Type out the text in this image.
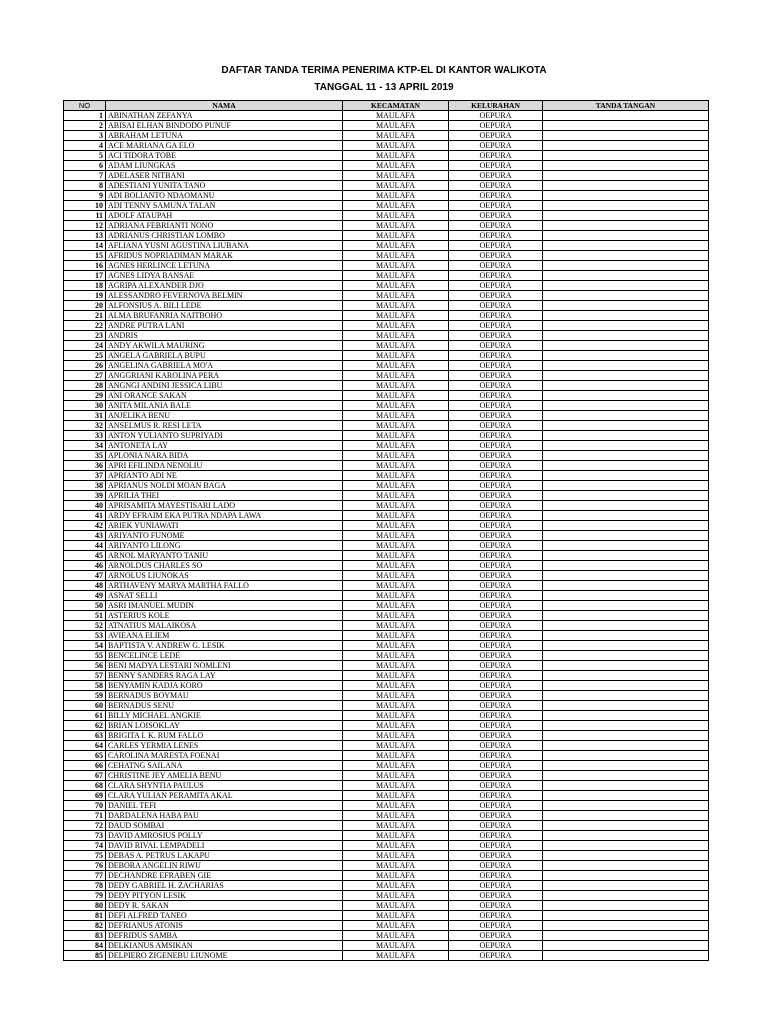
DAFTAR TANDA TERIMA PENERIMA KTP-EL DI KANTOR WALIKOTA
TANGGAL 11 - 13 APRIL 2019
NO	NAMA	KECAMATAN	KELURAHAN	TANDA TANGAN
1	ABINATHAN ZEFANYA	MAULAFA	OEPURA	
2	ABISAI ELHAN BINDODO PUNUF	MAULAFA	OEPURA	
3	ABRAHAM LETUNA	MAULAFA	OEPURA	
4	ACE MARIANA GA ELO	MAULAFA	OEPURA	
5	ACI TIDORA TOBE	MAULAFA	OEPURA	
6	ADAM LIUNGKAS	MAULAFA	OEPURA	
7	ADELASER NITBANI	MAULAFA	OEPURA	
8	ADESTIANI YUNITA TANO	MAULAFA	OEPURA	
9	ADI BOLIANTO NDAOMANU	MAULAFA	OEPURA	
10	ADI TENNY SAMUNA TALAN	MAULAFA	OEPURA	
11	ADOLF ATAUPAH	MAULAFA	OEPURA	
12	ADRIANA FEBRIANTI NONO	MAULAFA	OEPURA	
13	ADRIANUS CHRISTIAN LOMBO	MAULAFA	OEPURA	
14	AFLIANA YUSNI AGUSTINA LIUBANA	MAULAFA	OEPURA	
15	AFRIDUS NOPRIADIMAN MARAK	MAULAFA	OEPURA	
16	AGNES HERLINCE LETUNA	MAULAFA	OEPURA	
17	AGNES LIDYA BANSAE	MAULAFA	OEPURA	
18	AGRIPA ALEXANDER DJO	MAULAFA	OEPURA	
19	ALESSANDRO FEVERNOVA BELMIN	MAULAFA	OEPURA	
20	ALFONSIUS A. BILI LEDE	MAULAFA	OEPURA	
21	ALMA BRUFANRIA NAITBOHO	MAULAFA	OEPURA	
22	ANDRE PUTRA LANI	MAULAFA	OEPURA	
23	ANDRIS	MAULAFA	OEPURA	
24	ANDY AKWILA MAURING	MAULAFA	OEPURA	
25	ANGELA GABRIELA BUPU	MAULAFA	OEPURA	
26	ANGELINA GABRIELA MO'A	MAULAFA	OEPURA	
27	ANGGRIANI KAROLINA PERA	MAULAFA	OEPURA	
28	ANGNGI ANDINI JESSICA LIBU	MAULAFA	OEPURA	
29	ANI ORANCE SAKAN	MAULAFA	OEPURA	
30	ANITA MILANIA BALE	MAULAFA	OEPURA	
31	ANJELIKA BENU	MAULAFA	OEPURA	
32	ANSELMUS R. RESI LETA	MAULAFA	OEPURA	
33	ANTON YULIANTO SUPRIYADI	MAULAFA	OEPURA	
34	ANTONETA LAY	MAULAFA	OEPURA	
35	APLONIA NARA BIDA	MAULAFA	OEPURA	
36	APRI EFILINDA NENOLIU	MAULAFA	OEPURA	
37	APRIANTO ADI NE	MAULAFA	OEPURA	
38	APRIANUS NOLDI MOAN BAGA	MAULAFA	OEPURA	
39	APRILIA THEI	MAULAFA	OEPURA	
40	APRISAMITA MAYESTISARI LADO	MAULAFA	OEPURA	
41	ARDY EFRAIM EKA PUTRA NDAPA LAWA	MAULAFA	OEPURA	
42	ARIEK YUNIAWATI	MAULAFA	OEPURA	
43	ARIYANTO FUNOME	MAULAFA	OEPURA	
44	ARIYANTO LILONG	MAULAFA	OEPURA	
45	ARNOL MARYANTO TANIU	MAULAFA	OEPURA	
46	ARNOLDUS CHARLES SO	MAULAFA	OEPURA	
47	ARNOLUS LIUNOKAS	MAULAFA	OEPURA	
48	ARTHAVENY MARYA MARTHA FALLO	MAULAFA	OEPURA	
49	ASNAT SELLI	MAULAFA	OEPURA	
50	ASRI IMANUEL MUDIN	MAULAFA	OEPURA	
51	ASTERIUS KOLE	MAULAFA	OEPURA	
52	ATNATIUS MALAIKOSA	MAULAFA	OEPURA	
53	AVIEANA ELIEM	MAULAFA	OEPURA	
54	BAPTISTA V. ANDREW G. LESIK	MAULAFA	OEPURA	
55	BENCELINCE LEDE	MAULAFA	OEPURA	
56	BENI MADYA LESTARI NOMLENI	MAULAFA	OEPURA	
57	BENNY SANDERS RAGA LAY	MAULAFA	OEPURA	
58	BENYAMIN KADJA KORO	MAULAFA	OEPURA	
59	BERNADUS BOYMAU	MAULAFA	OEPURA	
60	BERNADUS SENU	MAULAFA	OEPURA	
61	BILLY MICHAEL ANGKIE	MAULAFA	OEPURA	
62	BRIAN LOISOKLAY	MAULAFA	OEPURA	
63	BRIGITA I. K. RUM FALLO	MAULAFA	OEPURA	
64	CARLES YERMIA LENES	MAULAFA	OEPURA	
65	CAROLINA MARESTA FOENAI	MAULAFA	OEPURA	
66	CEHATNG SAILANA	MAULAFA	OEPURA	
67	CHRISTINE JEY AMELIA BENU	MAULAFA	OEPURA	
68	CLARA SHYNTIA PAULUS	MAULAFA	OEPURA	
69	CLARA YULIAN PERAMITA AKAL	MAULAFA	OEPURA	
70	DANIEL TEFI	MAULAFA	OEPURA	
71	DARDALENA HABA PAU	MAULAFA	OEPURA	
72	DAUD SOMBAI	MAULAFA	OEPURA	
73	DAVID AMROSIUS POLLY	MAULAFA	OEPURA	
74	DAVID RIVAL LEMPADELI	MAULAFA	OEPURA	
75	DEBAS A. PETRUS LAKAPU	MAULAFA	OEPURA	
76	DEBORA ANGELIN RIWU	MAULAFA	OEPURA	
77	DECHANDRE EFRABEN GIE	MAULAFA	OEPURA	
78	DEDY GABRIEL H. ZACHARIAS	MAULAFA	OEPURA	
79	DEDY PITYON LESIK	MAULAFA	OEPURA	
80	DEDY R. SAKAN	MAULAFA	OEPURA	
81	DEFI ALFRED TANEO	MAULAFA	OEPURA	
82	DEFRIANUS ATONIS	MAULAFA	OEPURA	
83	DEFRIDUS SAMBA	MAULAFA	OEPURA	
84	DELKIANUS AMSIKAN	MAULAFA	OEPURA	
85	DELPIERO ZIGENEBU LIUNOME	MAULAFA	OEPURA	
